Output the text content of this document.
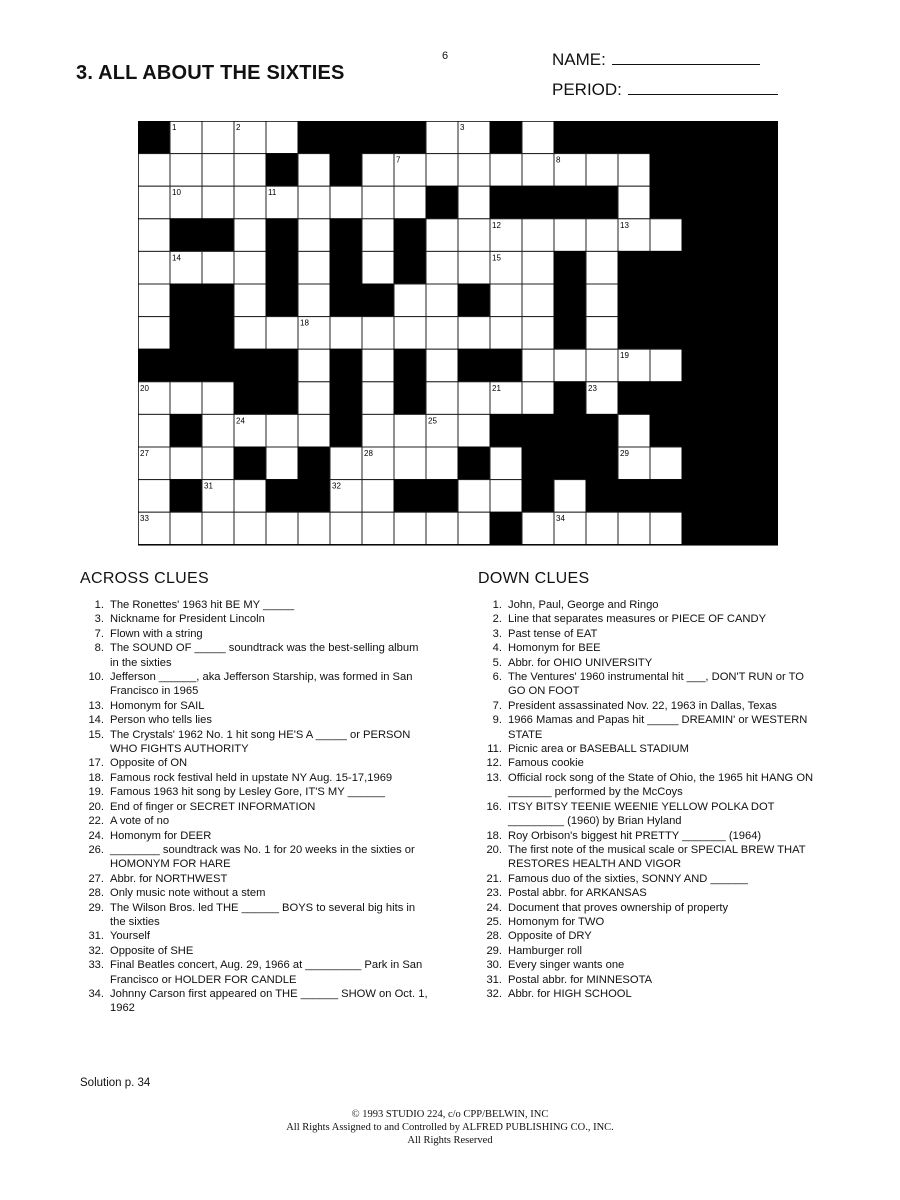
3. ALL ABOUT THE SIXTIES
6	NAME:
PERIOD:
1	2	3	4	5
6	7	8	9
10	11
12	13
14	15	16
17
18
19
20	21	22	23
24	25	26
27	28	29	30
31	32
33	34
ACROSS CLUES
1. The Ronettes' 1963 hit BE MY _____
3. Nickname for President Lincoln
7. Flown with a string
8. The SOUND OF _____ soundtrack was the best-selling album in the sixties
10. Jefferson ______, aka Jefferson Starship, was formed in San Francisco in 1965
13. Homonym for SAIL
14. Person who tells lies
15. The Crystals' 1962 No. 1 hit song HE'S A _____ or PERSON WHO FIGHTS AUTHORITY
17. Opposite of ON
18. Famous rock festival held in upstate NY Aug. 15-17,1969
19. Famous 1963 hit song by Lesley Gore, IT'S MY ______
20. End of finger or SECRET INFORMATION
22. A vote of no
24. Homonym for DEER
26. ________ soundtrack was No. 1 for 20 weeks in the sixties or HOMONYM FOR HARE
27. Abbr. for NORTHWEST
28. Only music note without a stem
29. The Wilson Bros. led THE ______ BOYS to several big hits in the sixties
31. Yourself
32. Opposite of SHE
33. Final Beatles concert, Aug. 29, 1966 at _________ Park in San Francisco or HOLDER FOR CANDLE
34. Johnny Carson first appeared on THE ______ SHOW on Oct. 1, 1962
DOWN CLUES
1. John, Paul, George and Ringo
2. Line that separates measures or PIECE OF CANDY
3. Past tense of EAT
4. Homonym for BEE
5. Abbr. for OHIO UNIVERSITY
6. The Ventures' 1960 instrumental hit ___, DON'T RUN or TO GO ON FOOT
7. President assassinated Nov. 22, 1963 in Dallas, Texas
9. 1966 Mamas and Papas hit _____ DREAMIN' or WESTERN STATE
11. Picnic area or BASEBALL STADIUM
12. Famous cookie
13. Official rock song of the State of Ohio, the 1965 hit HANG ON _______ performed by the McCoys
16. ITSY BITSY TEENIE WEENIE YELLOW POLKA DOT _________ (1960) by Brian Hyland
18. Roy Orbison's biggest hit PRETTY _______ (1964)
20. The first note of the musical scale or SPECIAL BREW THAT RESTORES HEALTH AND VIGOR
21. Famous duo of the sixties, SONNY AND ______
23. Postal abbr. for ARKANSAS
24. Document that proves ownership of property
25. Homonym for TWO
28. Opposite of DRY
29. Hamburger roll
30. Every singer wants one
31. Postal abbr. for MINNESOTA
32. Abbr. for HIGH SCHOOL
Solution p. 34
© 1993 STUDIO 224, c/o CPP/BELWIN, INC
All Rights Assigned to and Controlled by ALFRED PUBLISHING CO., INC.
All Rights Reserved
